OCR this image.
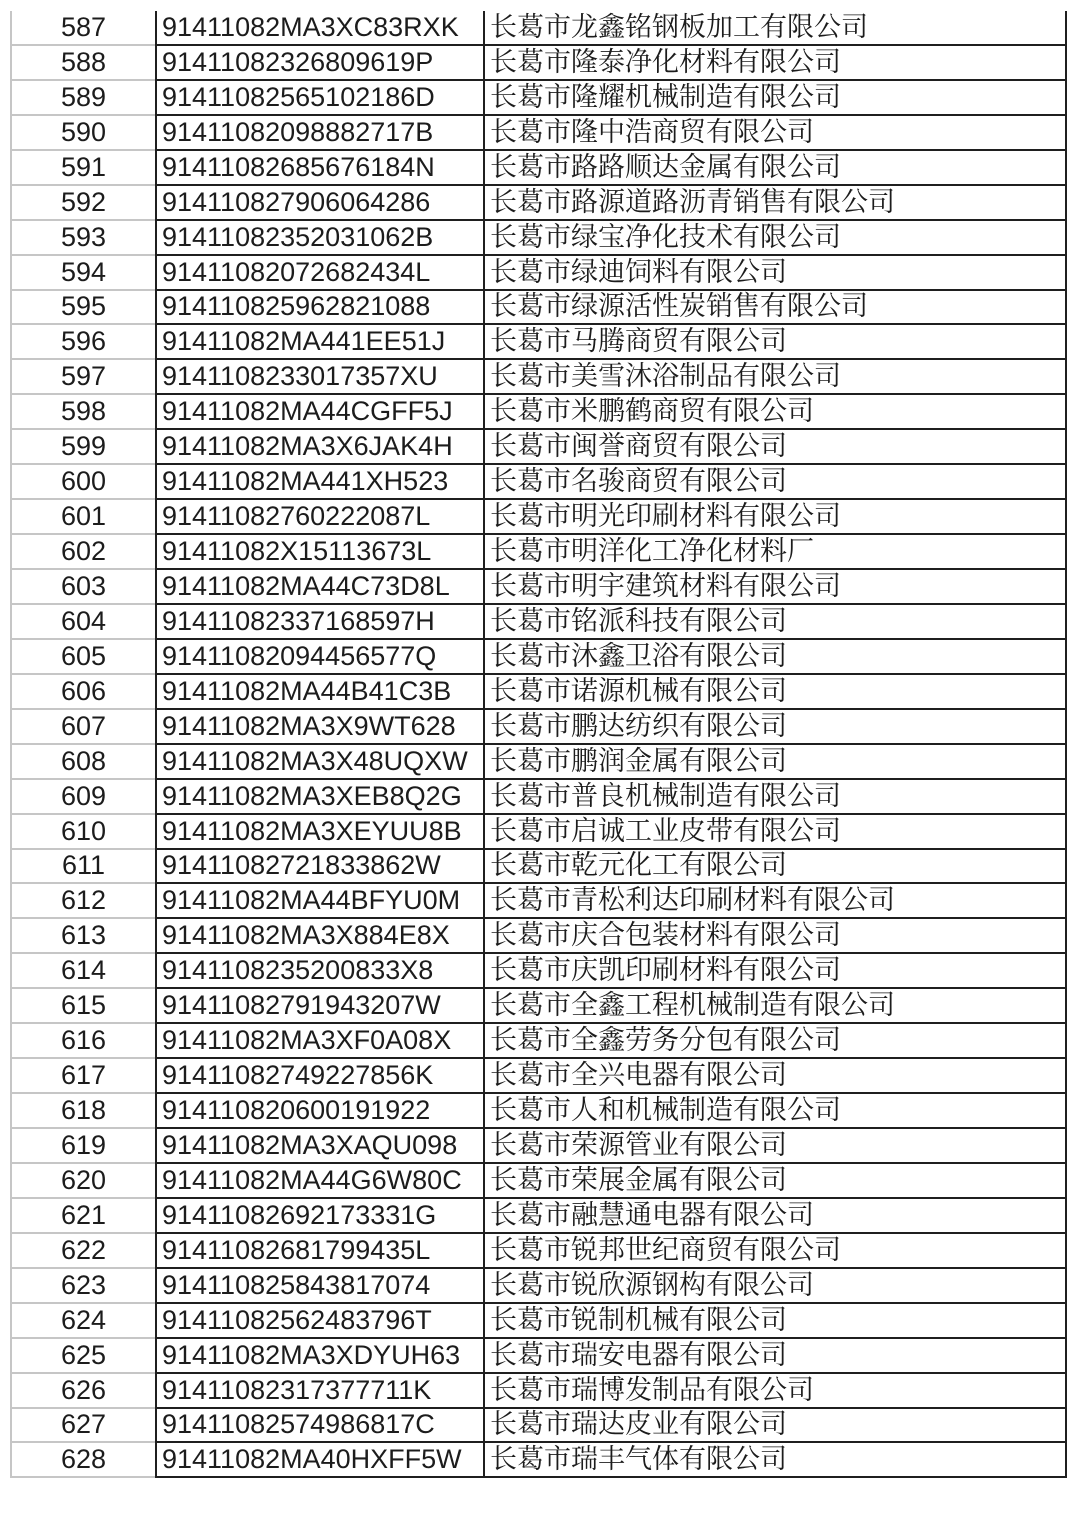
587	91411082MA3XC83RXK	长葛市龙鑫铭钢板加工有限公司
588	91411082326809619P	长葛市隆泰净化材料有限公司
589	91411082565102186D	长葛市隆耀机械制造有限公司
590	91411082098882717B	长葛市隆中浩商贸有限公司
591	91411082685676184N	长葛市路路顺达金属有限公司
592	914110827906064286	长葛市路源道路沥青销售有限公司
593	91411082352031062B	长葛市绿宝净化技术有限公司
594	91411082072682434L	长葛市绿迪饲料有限公司
595	914110825962821088	长葛市绿源活性炭销售有限公司
596	91411082MA441EE51J	长葛市马腾商贸有限公司
597	9141108233017357XU	长葛市美雪沐浴制品有限公司
598	91411082MA44CGFF5J	长葛市米鹏鹤商贸有限公司
599	91411082MA3X6JAK4H	长葛市闽誉商贸有限公司
600	91411082MA441XH523	长葛市名骏商贸有限公司
601	91411082760222087L	长葛市明光印刷材料有限公司
602	91411082X15113673L	长葛市明洋化工净化材料厂
603	91411082MA44C73D8L	长葛市明宇建筑材料有限公司
604	91411082337168597H	长葛市铭派科技有限公司
605	91411082094456577Q	长葛市沐鑫卫浴有限公司
606	91411082MA44B41C3B	长葛市诺源机械有限公司
607	91411082MA3X9WT628	长葛市鹏达纺织有限公司
608	91411082MA3X48UQXW 长葛市鹏润金属有限公司
609	91411082MA3XEB8Q2G	长葛市普良机械制造有限公司
610	91411082MA3XEYUU8B	长葛市启诚工业皮带有限公司
611	91411082721833862W	长葛市乾元化工有限公司
612	91411082MA44BFYU0M	长葛市青松利达印刷材料有限公司
613	91411082MA3X884E8X	长葛市庆合包装材料有限公司
614	9141108235200833X8	长葛市庆凯印刷材料有限公司
615	91411082791943207W	长葛市全鑫工程机械制造有限公司
616	91411082MA3XF0A08X	长葛市全鑫劳务分包有限公司
617	91411082749227856K	长葛市全兴电器有限公司
618	914110820600191922	长葛市人和机械制造有限公司
619	91411082MA3XAQU098	长葛市荣源管业有限公司
620	91411082MA44G6W80C	长葛市荣展金属有限公司
621	91411082692173331G	长葛市融慧通电器有限公司
622	91411082681799435L	长葛市锐邦世纪商贸有限公司
623	914110825843817074	长葛市锐欣源钢构有限公司
624	91411082562483796T	长葛市锐制机械有限公司
625	91411082MA3XDYUH63	长葛市瑞安电器有限公司
626	91411082317377711K	长葛市瑞博发制品有限公司
627	91411082574986817C	长葛市瑞达皮业有限公司
628	91411082MA40HXFF5W	长葛市瑞丰气体有限公司
